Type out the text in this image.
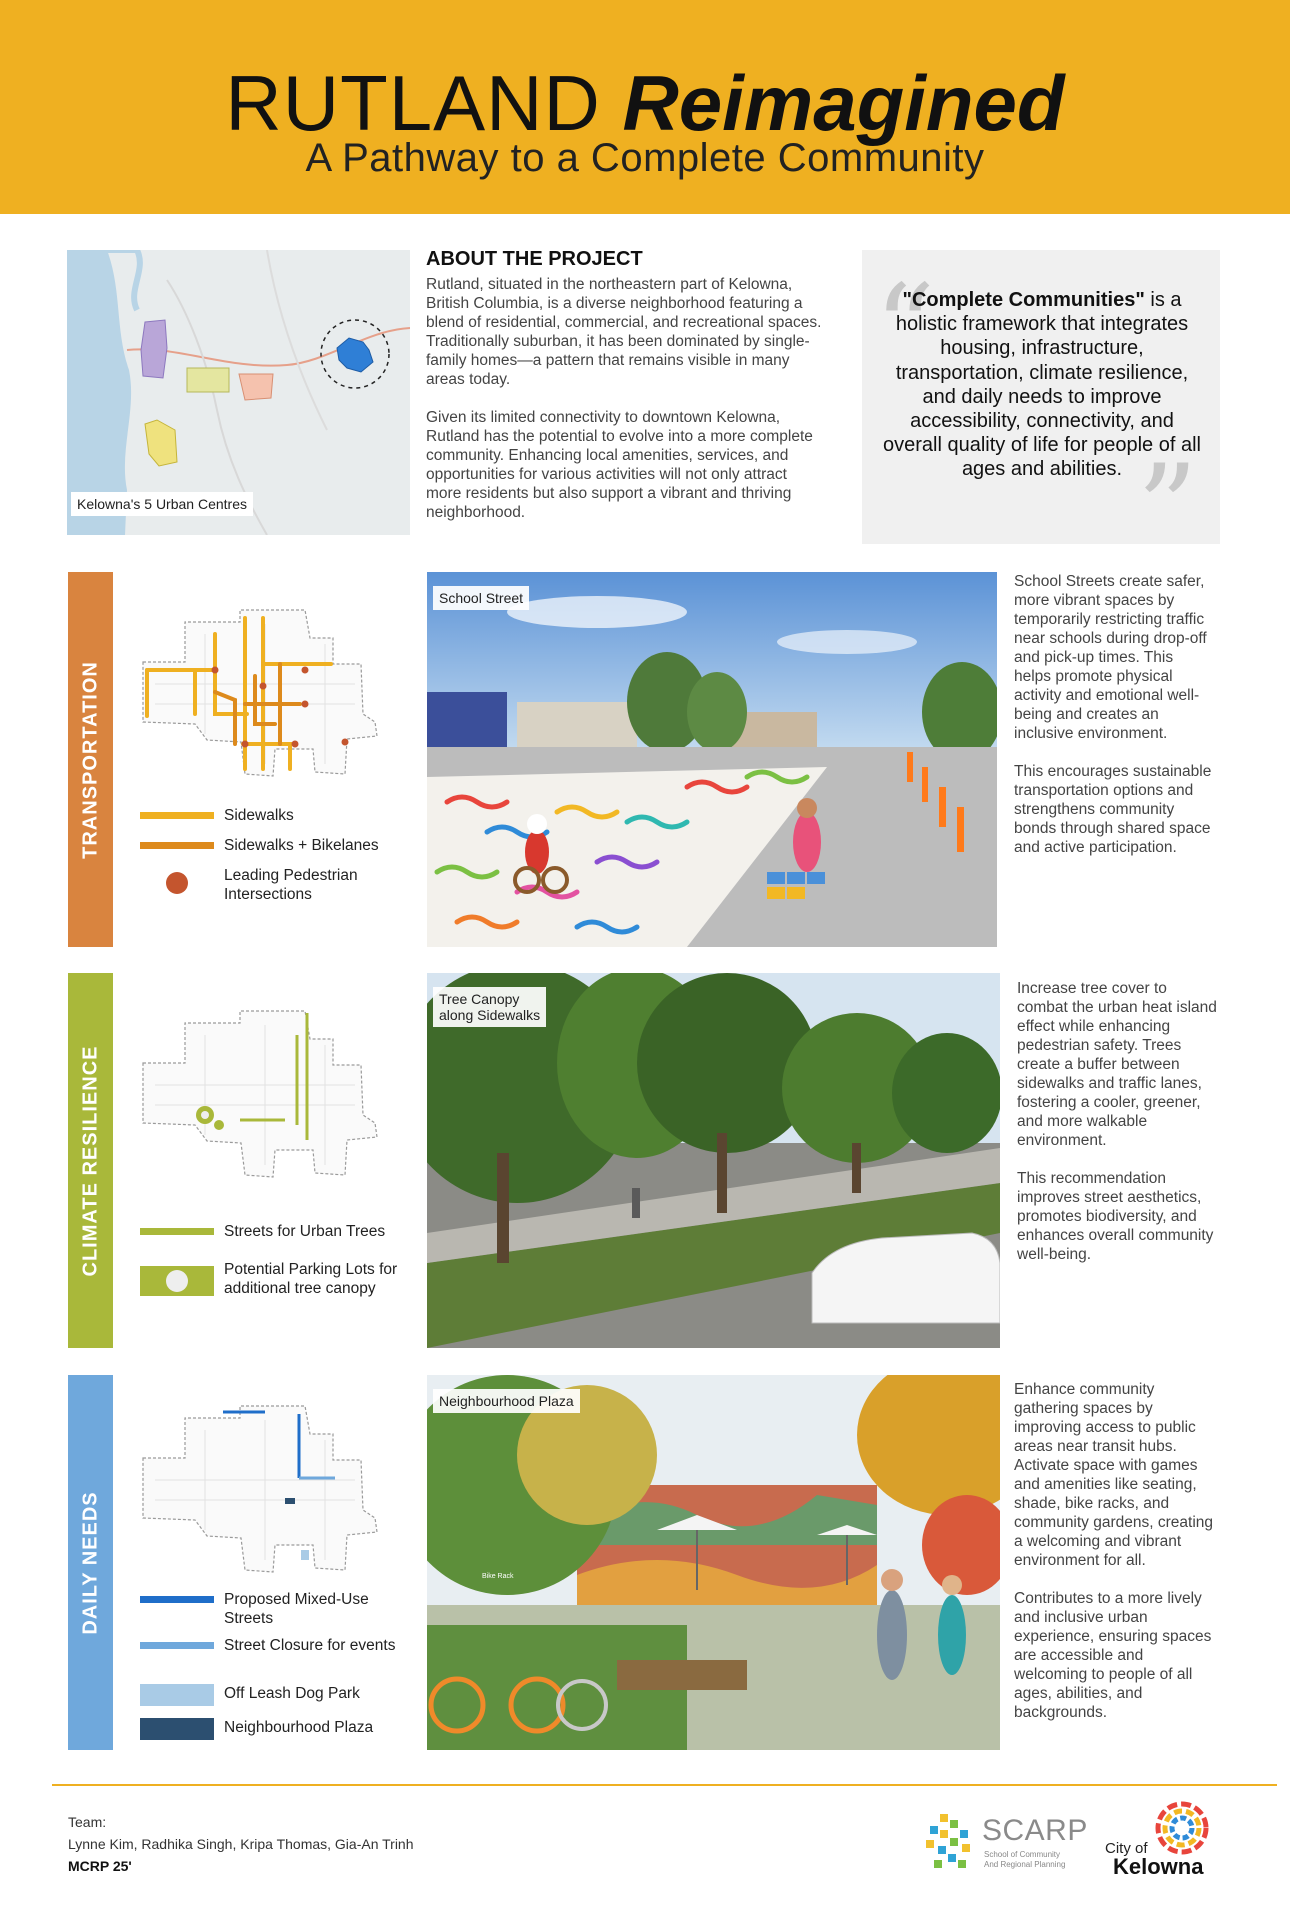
RUTLAND Reimagined
A Pathway to a Complete Community
Kelowna's 5 Urban Centres
ABOUT THE PROJECT

Rutland, situated in the northeastern part of Kelowna, British Columbia, is a diverse neighborhood featuring a blend of residential, commercial, and recreational spaces. Traditionally suburban, it has been dominated by single-family homes—a pattern that remains visible in many areas today.

Given its limited connectivity to downtown Kelowna, Rutland has the potential to evolve into a more complete community. Enhancing local amenities, services, and opportunities for various activities will not only attract more residents but also support a vibrant and thriving neighborhood.

“
”
"Complete Communities" is a holistic framework that integrates housing, infrastructure, transportation, climate resilience, and daily needs to improve accessibility, connectivity, and overall quality of life for people of all ages and abilities.
TRANSPORTATION	Sidewalks
Sidewalks + Bikelanes
Leading Pedestrian Intersections
School Street

School Streets create safer, more vibrant spaces by temporarily restricting traffic near schools during drop-off and pick-up times. This helps promote physical activity and emotional well-being and creates an inclusive environment.

This encourages sustainable transportation options and strengthens community bonds through shared space and active participation.

CLIMATE RESILIENCE	Streets for Urban Trees
Potential Parking Lots for additional tree canopy
Tree Canopy
along Sidewalks

Increase tree cover to combat the urban heat island effect while enhancing pedestrian safety. Trees create a buffer between sidewalks and traffic lanes, fostering a cooler, greener, and more walkable environment.

This recommendation improves street aesthetics, promotes biodiversity, and enhances overall community well-being.

DAILY NEEDS	Proposed Mixed-Use Streets
Street Closure for events
Off Leash Dog Park
Neighbourhood Plaza
Neighbourhood Plaza
Bike Rack

Enhance community gathering spaces by improving access to public areas near transit hubs. Activate space with games and amenities like seating, shade, bike racks, and community gardens, creating a welcoming and vibrant environment for all.

Contributes to a more lively and inclusive urban experience, ensuring spaces are accessible and welcoming to people of all ages, abilities, and backgrounds.

Team:
Lynne Kim, Radhika Singh, Kripa Thomas, Gia-An Trinh
MCRP 25'
SCARP
School of Community And Regional Planning
City of
Kelowna
